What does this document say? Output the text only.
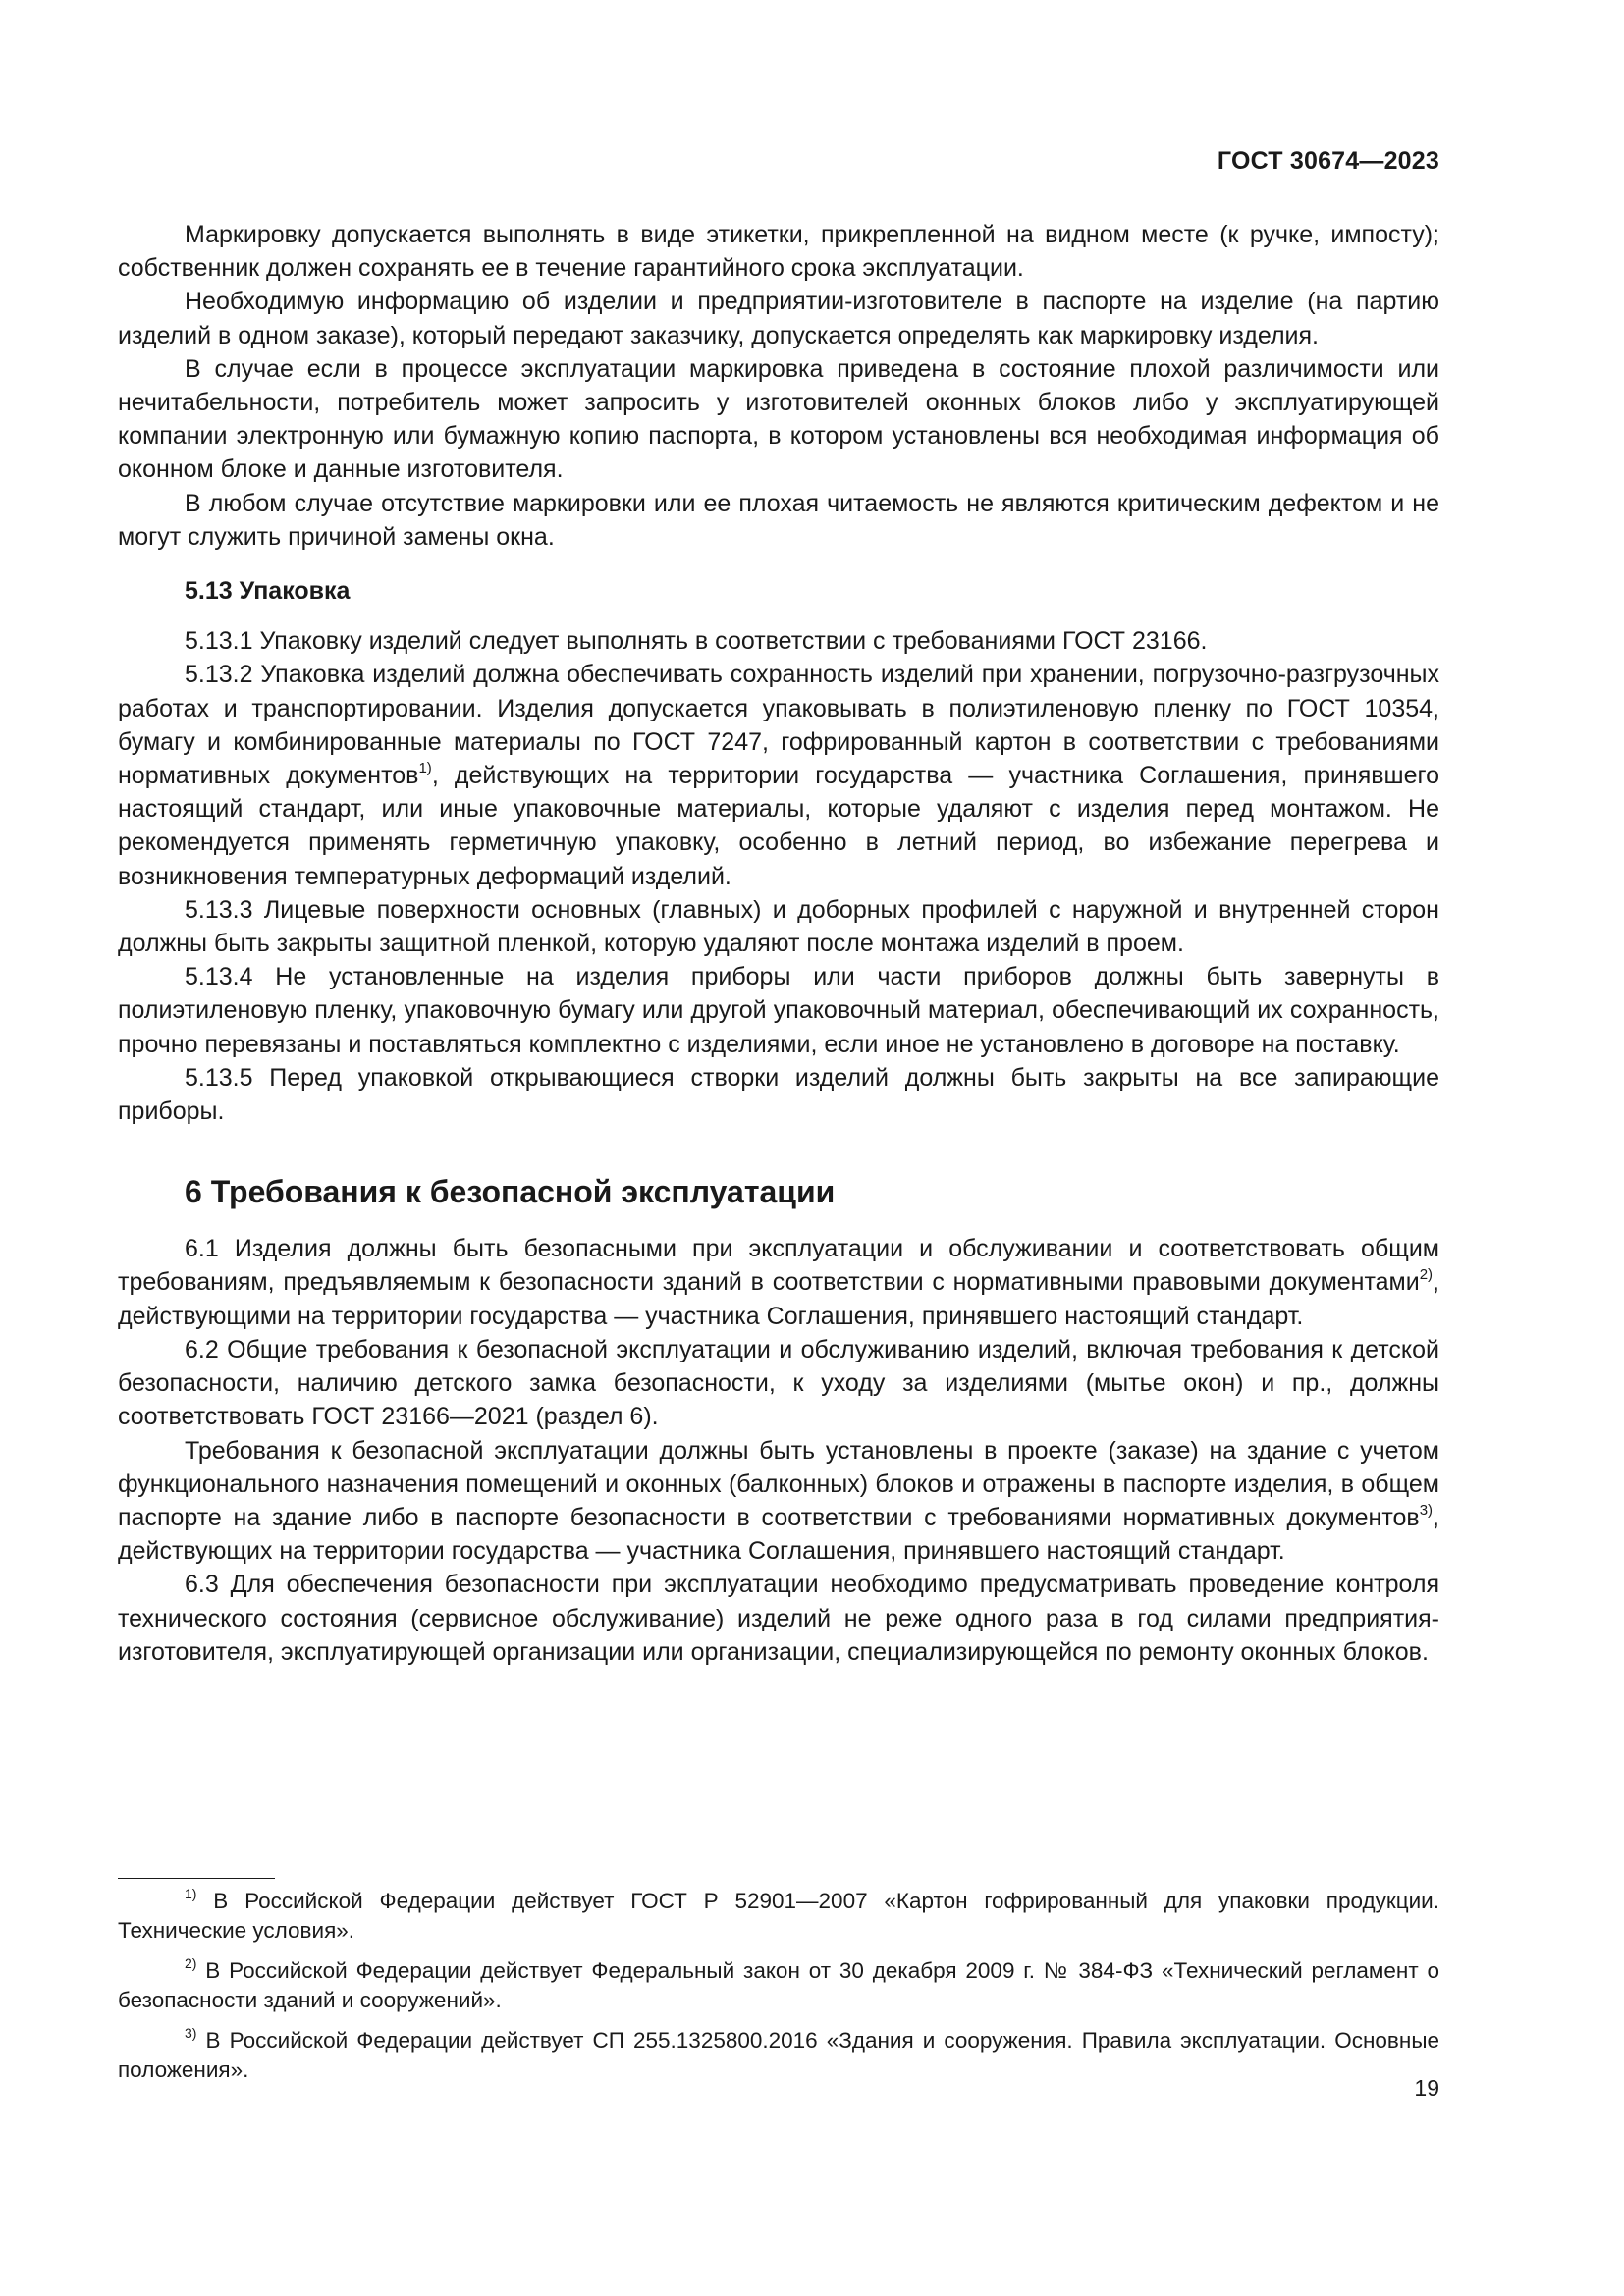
ГОСТ 30674—2023

Маркировку допускается выполнять в виде этикетки, прикрепленной на видном месте (к ручке, импосту); собственник должен сохранять ее в течение гарантийного срока эксплуатации.

Необходимую информацию об изделии и предприятии-изготовителе в паспорте на изделие (на партию изделий в одном заказе), который передают заказчику, допускается определять как маркировку изделия.

В случае если в процессе эксплуатации маркировка приведена в состояние плохой различимости или нечитабельности, потребитель может запросить у изготовителей оконных блоков либо у эксплуатирующей компании электронную или бумажную копию паспорта, в котором установлены вся необходимая информация об оконном блоке и данные изготовителя.

В любом случае отсутствие маркировки или ее плохая читаемость не являются критическим дефектом и не могут служить причиной замены окна.

5.13 Упаковка

5.13.1 Упаковку изделий следует выполнять в соответствии с требованиями ГОСТ 23166.

5.13.2 Упаковка изделий должна обеспечивать сохранность изделий при хранении, погрузочно-разгрузочных работах и транспортировании. Изделия допускается упаковывать в полиэтиленовую пленку по ГОСТ 10354, бумагу и комбинированные материалы по ГОСТ 7247, гофрированный картон в соответствии с требованиями нормативных документов$^{1)}$, действующих на территории государства — участника Соглашения, принявшего настоящий стандарт, или иные упаковочные материалы, которые удаляют с изделия перед монтажом. Не рекомендуется применять герметичную упаковку, особенно в летний период, во избежание перегрева и возникновения температурных деформаций изделий.

5.13.3 Лицевые поверхности основных (главных) и доборных профилей с наружной и внутренней сторон должны быть закрыты защитной пленкой, которую удаляют после монтажа изделий в проем.

5.13.4 Не установленные на изделия приборы или части приборов должны быть завернуты в полиэтиленовую пленку, упаковочную бумагу или другой упаковочный материал, обеспечивающий их сохранность, прочно перевязаны и поставляться комплектно с изделиями, если иное не установлено в договоре на поставку.

5.13.5 Перед упаковкой открывающиеся створки изделий должны быть закрыты на все запирающие приборы.

6 Требования к безопасной эксплуатации

6.1 Изделия должны быть безопасными при эксплуатации и обслуживании и соответствовать общим требованиям, предъявляемым к безопасности зданий в соответствии с нормативными правовыми документами$^{2)}$, действующими на территории государства — участника Соглашения, принявшего настоящий стандарт.

6.2 Общие требования к безопасной эксплуатации и обслуживанию изделий, включая требования к детской безопасности, наличию детского замка безопасности, к уходу за изделиями (мытье окон) и пр., должны соответствовать ГОСТ 23166—2021 (раздел 6).

Требования к безопасной эксплуатации должны быть установлены в проекте (заказе) на здание с учетом функционального назначения помещений и оконных (балконных) блоков и отражены в паспорте изделия, в общем паспорте на здание либо в паспорте безопасности в соответствии с требованиями нормативных документов$^{3)}$, действующих на территории государства — участника Соглашения, принявшего настоящий стандарт.

6.3 Для обеспечения безопасности при эксплуатации необходимо предусматривать проведение контроля технического состояния (сервисное обслуживание) изделий не реже одного раза в год силами предприятия-изготовителя, эксплуатирующей организации или организации, специализирующейся по ремонту оконных блоков.

$^{1)}$ В Российской Федерации действует ГОСТ Р 52901—2007 «Картон гофрированный для упаковки продукции. Технические условия».

$^{2)}$ В Российской Федерации действует Федеральный закон от 30 декабря 2009 г. № 384-ФЗ «Технический регламент о безопасности зданий и сооружений».

$^{3)}$ В Российской Федерации действует СП 255.1325800.2016 «Здания и сооружения. Правила эксплуатации. Основные положения».

19
